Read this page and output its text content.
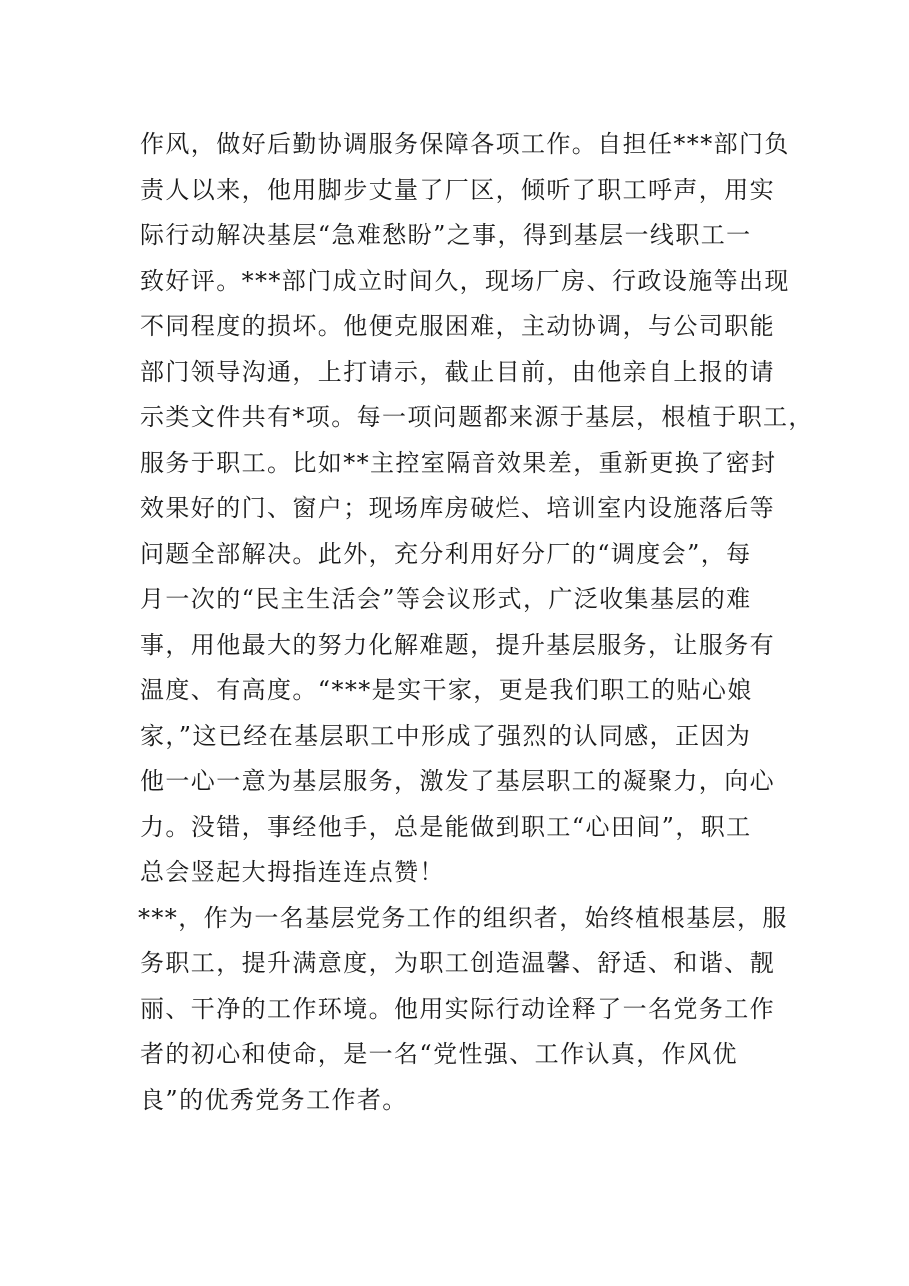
作风，做好后勤协调服务保障各项工作。自担任***部门负
责人以来，他用脚步丈量了厂区，倾听了职工呼声，用实
际行动解决基层“急难愁盼”之事，得到基层一线职工一
致好评。***部门成立时间久，现场厂房、行政设施等出现
不同程度的损坏。他便克服困难，主动协调，与公司职能
部门领导沟通，上打请示，截止目前，由他亲自上报的请
示类文件共有*项。每一项问题都来源于基层，根植于职工，
服务于职工。比如**主控室隔音效果差，重新更换了密封
效果好的门、窗户；现场库房破烂、培训室内设施落后等
问题全部解决。此外，充分利用好分厂的“调度会”，每
月一次的“民主生活会”等会议形式，广泛收集基层的难
事，用他最大的努力化解难题，提升基层服务，让服务有
温度、有高度。“***是实干家，更是我们职工的贴心娘
家，”这已经在基层职工中形成了强烈的认同感，正因为
他一心一意为基层服务，激发了基层职工的凝聚力，向心
力。没错，事经他手，总是能做到职工“心田间”，职工
总会竖起大拇指连连点赞！
***，作为一名基层党务工作的组织者，始终植根基层，服
务职工，提升满意度，为职工创造温馨、舒适、和谐、靓
丽、干净的工作环境。他用实际行动诠释了一名党务工作
者的初心和使命，是一名“党性强、工作认真，作风优
良”的优秀党务工作者。
